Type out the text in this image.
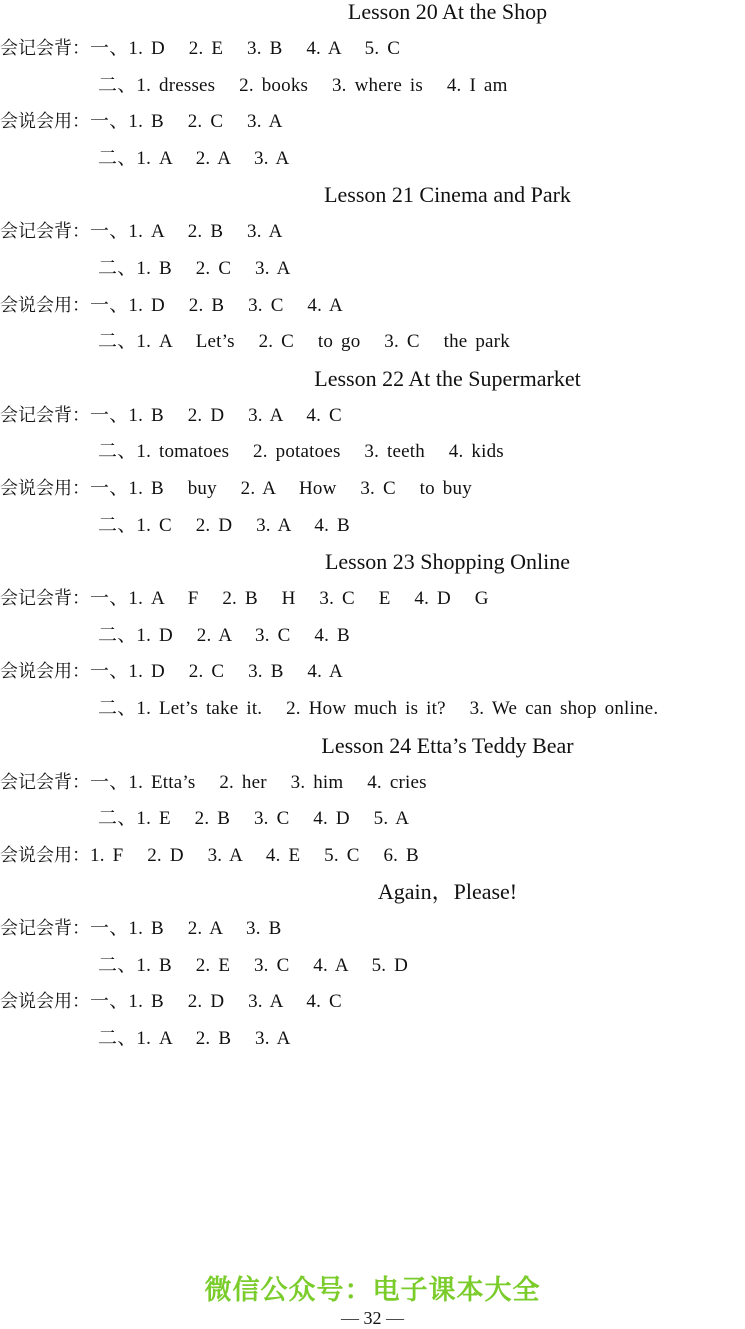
Lesson 20 At the Shop
会记会背：一、1. D   2. E   3. B   4. A   5. C
二、1. dresses   2. books   3. where is   4. I am
会说会用：一、1. B   2. C   3. A
二、1. A   2. A   3. A
Lesson 21 Cinema and Park
会记会背：一、1. A   2. B   3. A
二、1. B   2. C   3. A
会说会用：一、1. D   2. B   3. C   4. A
二、1. A   Let’s   2. C   to go   3. C   the park
Lesson 22 At the Supermarket
会记会背：一、1. B   2. D   3. A   4. C
二、1. tomatoes   2. potatoes   3. teeth   4. kids
会说会用：一、1. B   buy   2. A   How   3. C   to buy
二、1. C   2. D   3. A   4. B
Lesson 23 Shopping Online
会记会背：一、1. A   F   2. B   H   3. C   E   4. D   G
二、1. D   2. A   3. C   4. B
会说会用：一、1. D   2. C   3. B   4. A
二、1. Let’s take it.   2. How much is it?   3. We can shop online.
Lesson 24 Etta’s Teddy Bear
会记会背：一、1. Etta’s   2. her   3. him   4. cries
二、1. E   2. B   3. C   4. D   5. A
会说会用：1. F   2. D   3. A   4. E   5. C   6. B
Again，Please!
会记会背：一、1. B   2. A   3. B
二、1. B   2. E   3. C   4. A   5. D
会说会用：一、1. B   2. D   3. A   4. C
二、1. A   2. B   3. A
微信公众号：电子课本大全
— 32 —
